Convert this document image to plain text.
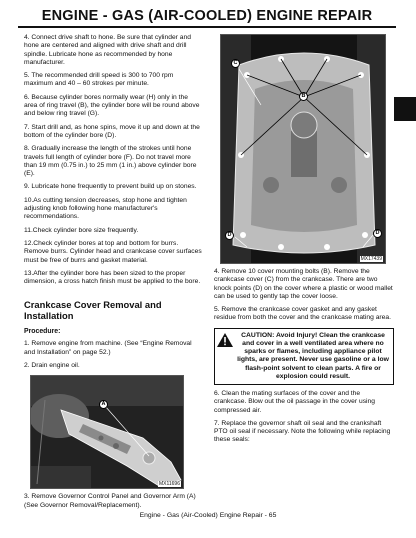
ENGINE - GAS (AIR-COOLED) ENGINE REPAIR

4. Connect drive shaft to hone. Be sure that cylinder and hone are centered and aligned with drive shaft and drill spindle. Lubricate hone as recommended by hone manufacturer.

5. The recommended drill speed is 300 to 700 rpm maximum and 40 – 60 strokes per minute.

6. Because cylinder bores normally wear (H) only in the area of ring travel (B), the cylinder bore will be round above and below ring travel (G).

7. Start drill and, as hone spins, move it up and down at the bottom of the cylinder bore (D).

8. Gradually increase the length of the strokes until hone travels full length of cylinder bore (F). Do not travel more than 19 mm (0.75 in.) to 25 mm (1 in.) above cylinder bore (E).

9. Lubricate hone frequently to prevent build up on stones.

10.As cutting tension decreases, stop hone and tighten adjusting knob following hone manufacturer's recommendations.

11.Check cylinder bore size frequently.

12.Check cylinder bores at top and bottom for burrs. Remove burrs. Cylinder head and crankcase cover surfaces must be free of burrs and gasket material.

13.After the cylinder bore has been sized to the proper dimension, a cross hatch finish must be applied to the bore.

Crankcase Cover Removal and Installation

Procedure:

1. Remove engine from machine. (See “Engine Removal and Installation” on page 52.)

2. Drain engine oil.

A
MX11696

3. Remove Governor Control Panel and Governor Arm (A) (See Governor Removal/Replacement).

B
C
D	D
MX17439

4. Remove 10 cover mounting bolts (B). Remove the crankcase cover (C) from the crankcase. There are two knock points (D) on the cover where a plastic or wood mallet can be used to gently tap the cover loose.

5. Remove the crankcase cover gasket and any gasket residue from both the cover and the crankcase mating area.

CAUTION: Avoid Injury! Clean the crankcase and cover in a well ventilated area where no sparks or flames, including appliance pilot lights, are present. Never use gasoline or a low flash-point solvent to clean parts. A fire or explosion could result.

6. Clean the mating surfaces of the cover and the crankcase. Blow out the oil passage in the cover using compressed air.

7. Replace the governor shaft oil seal and the crankshaft PTO oil seal if necessary. Note the following while replacing these seals:

Engine - Gas (Air-Cooled) Engine Repair - 65
